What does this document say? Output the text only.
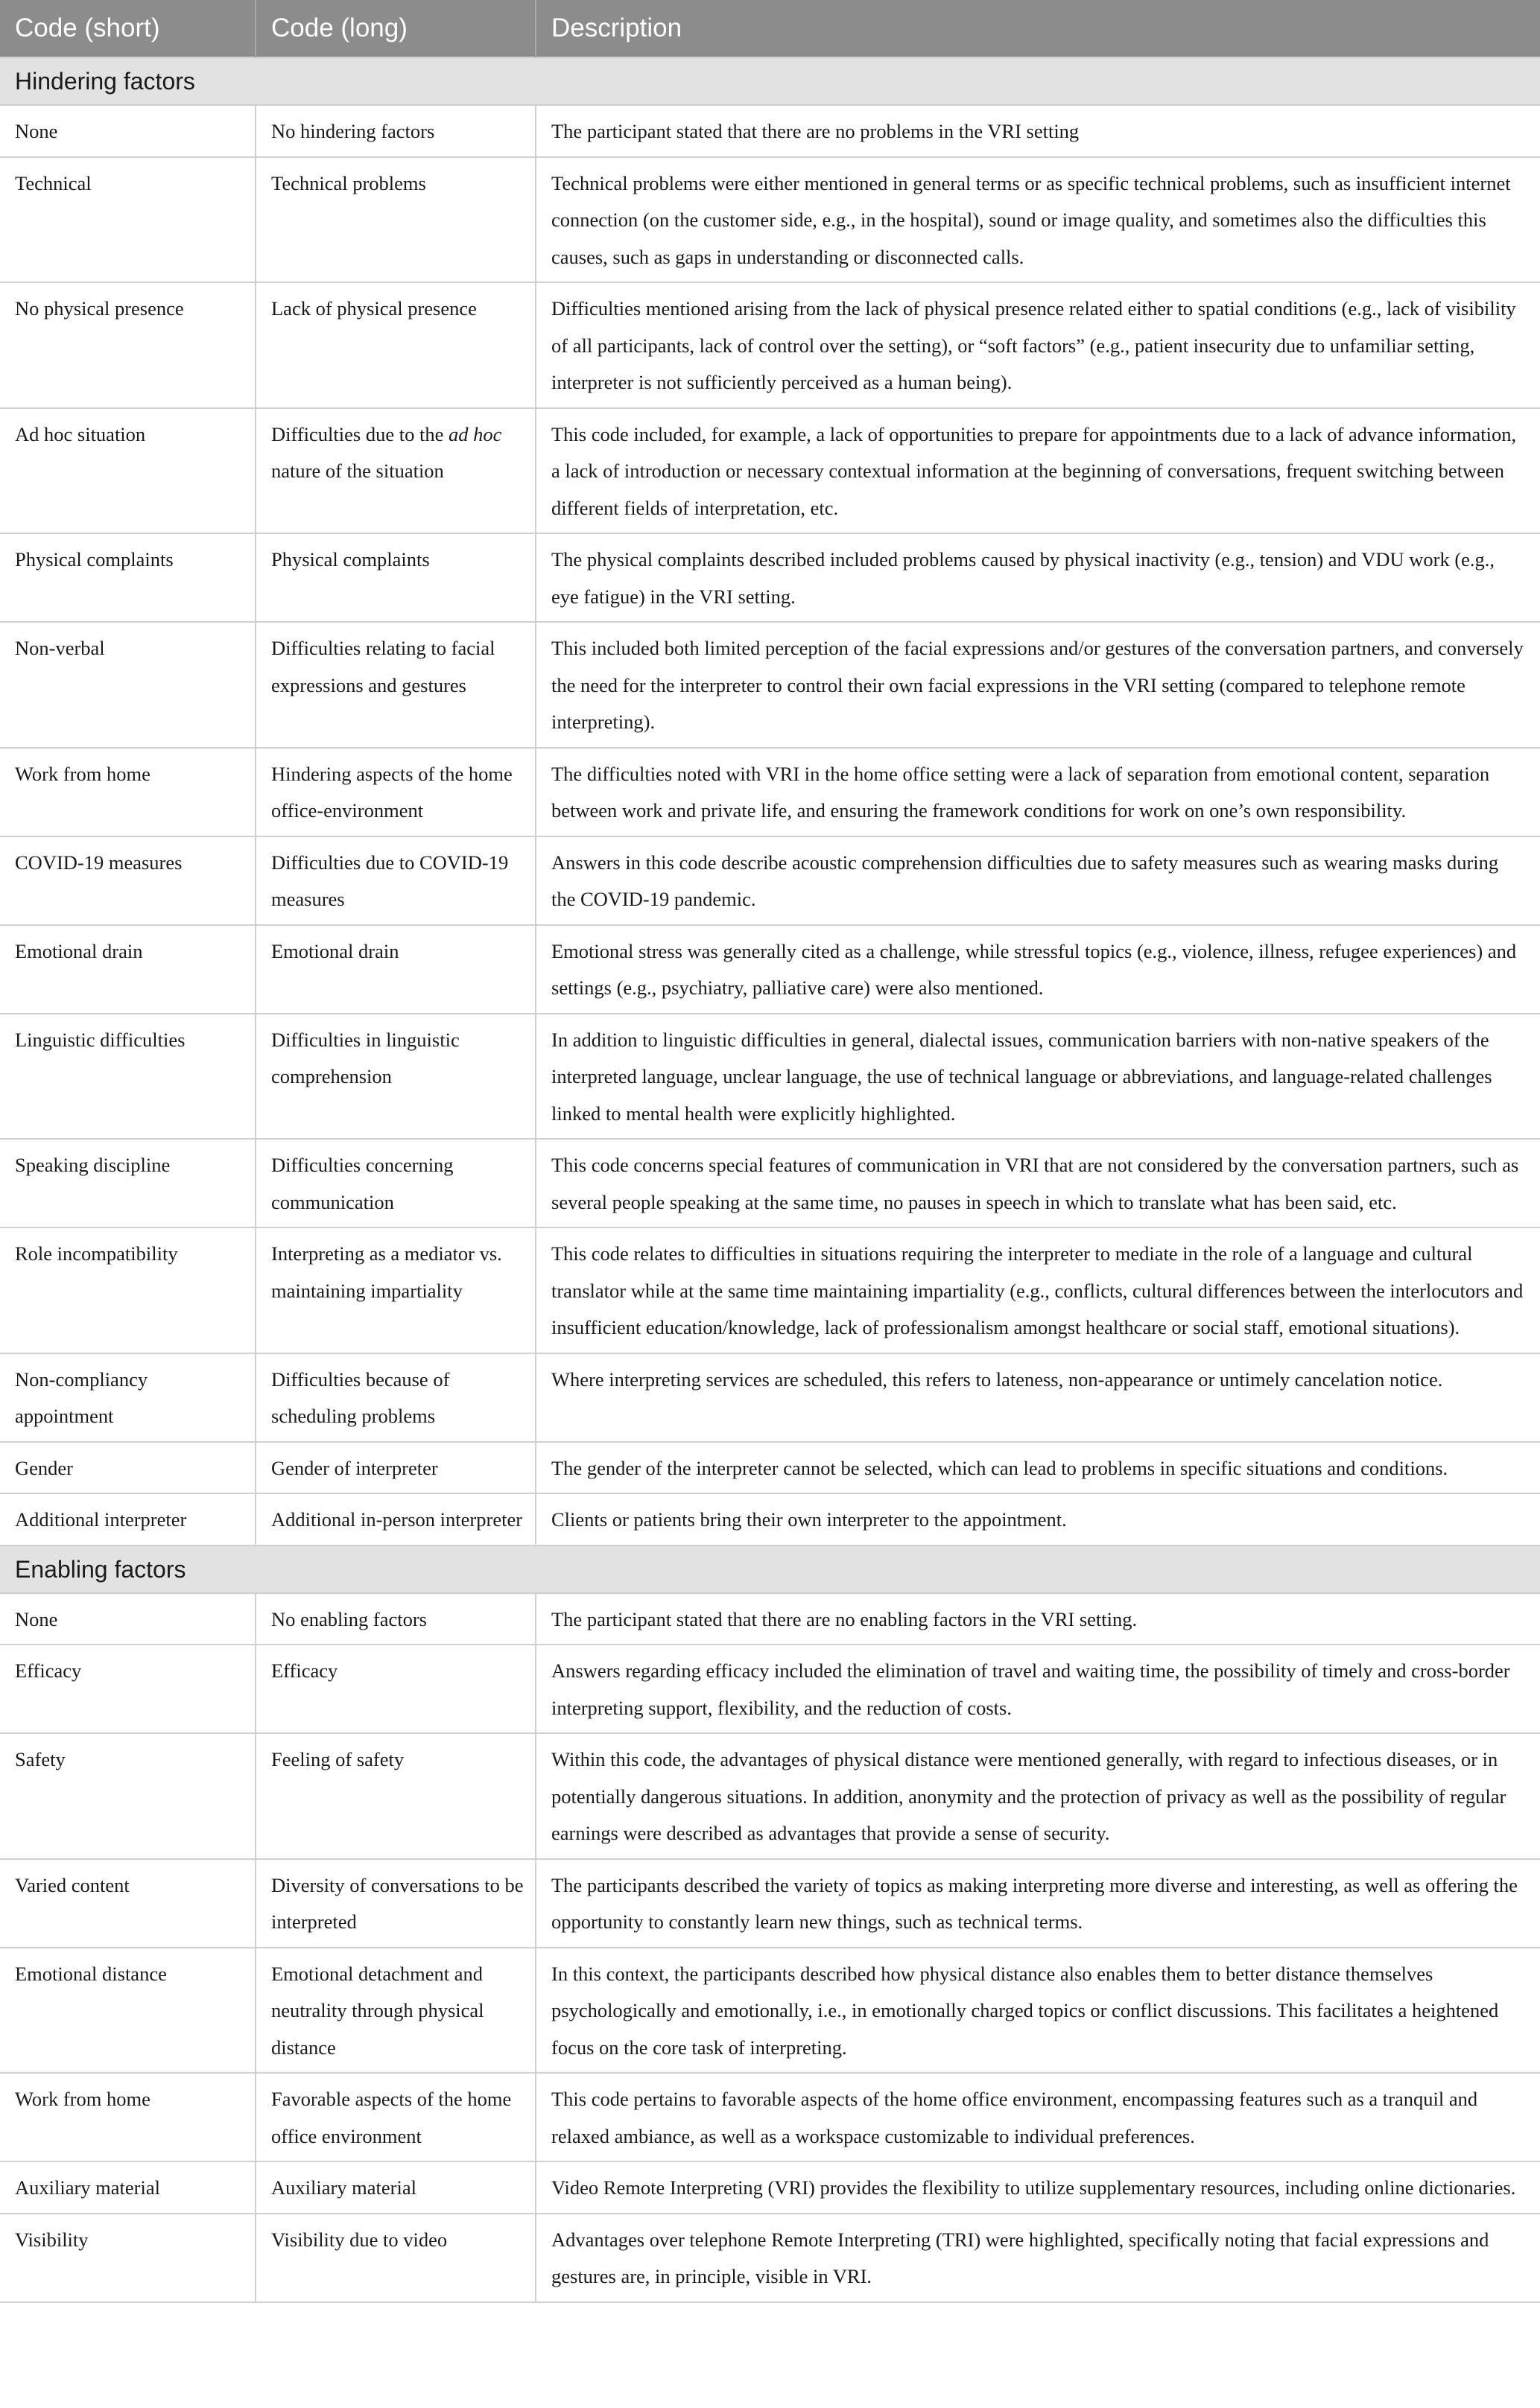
Code (short)	Code (long)	Description
Hindering factors		
None	No hindering factors	The participant stated that there are no problems in the VRI setting
Technical	Technical problems	Technical problems were either mentioned in general terms or as specific technical problems, such as insufficient internet connection (on the customer side, e.g., in the hospital), sound or image quality, and sometimes also the difficulties this causes, such as gaps in understanding or disconnected calls.
No physical presence	Lack of physical presence	Difficulties mentioned arising from the lack of physical presence related either to spatial conditions (e.g., lack of visibility of all participants, lack of control over the setting), or “soft factors” (e.g., patient insecurity due to unfamiliar setting, interpreter is not sufficiently perceived as a human being).
Ad hoc situation	Difficulties due to the ad hoc nature of the situation	This code included, for example, a lack of opportunities to prepare for appointments due to a lack of advance information, a lack of introduction or necessary contextual information at the beginning of conversations, frequent switching between different fields of interpretation, etc.
Physical complaints	Physical complaints	The physical complaints described included problems caused by physical inactivity (e.g., tension) and VDU work (e.g., eye fatigue) in the VRI setting.
Non-verbal	Difficulties relating to facial expressions and gestures	This included both limited perception of the facial expressions and/or gestures of the conversation partners, and conversely the need for the interpreter to control their own facial expressions in the VRI setting (compared to telephone remote interpreting).
Work from home	Hindering aspects of the home office-environment	The difficulties noted with VRI in the home office setting were a lack of separation from emotional content, separation between work and private life, and ensuring the framework conditions for work on one’s own responsibility.
COVID-19 measures	Difficulties due to COVID-19 measures	Answers in this code describe acoustic comprehension difficulties due to safety measures such as wearing masks during the COVID-19 pandemic.
Emotional drain	Emotional drain	Emotional stress was generally cited as a challenge, while stressful topics (e.g., violence, illness, refugee experiences) and settings (e.g., psychiatry, palliative care) were also mentioned.
Linguistic difficulties	Difficulties in linguistic comprehension	In addition to linguistic difficulties in general, dialectal issues, communication barriers with non-native speakers of the interpreted language, unclear language, the use of technical language or abbreviations, and language-related challenges linked to mental health were explicitly highlighted.
Speaking discipline	Difficulties concerning communication	This code concerns special features of communication in VRI that are not considered by the conversation partners, such as several people speaking at the same time, no pauses in speech in which to translate what has been said, etc.
Role incompatibility	Interpreting as a mediator vs. maintaining impartiality	This code relates to difficulties in situations requiring the interpreter to mediate in the role of a language and cultural translator while at the same time maintaining impartiality (e.g., conflicts, cultural differences between the interlocutors and insufficient education/knowledge, lack of professionalism amongst healthcare or social staff, emotional situations).
Non-compliancy appointment	Difficulties because of scheduling problems	Where interpreting services are scheduled, this refers to lateness, non-appearance or untimely cancelation notice.
Gender	Gender of interpreter	The gender of the interpreter cannot be selected, which can lead to problems in specific situations and conditions.
Additional interpreter	Additional in-person interpreter	Clients or patients bring their own interpreter to the appointment.
Enabling factors		
None	No enabling factors	The participant stated that there are no enabling factors in the VRI setting.
Efficacy	Efficacy	Answers regarding efficacy included the elimination of travel and waiting time, the possibility of timely and cross-border interpreting support, flexibility, and the reduction of costs.
Safety	Feeling of safety	Within this code, the advantages of physical distance were mentioned generally, with regard to infectious diseases, or in potentially dangerous situations. In addition, anonymity and the protection of privacy as well as the possibility of regular earnings were described as advantages that provide a sense of security.
Varied content	Diversity of conversations to be interpreted	The participants described the variety of topics as making interpreting more diverse and interesting, as well as offering the opportunity to constantly learn new things, such as technical terms.
Emotional distance	Emotional detachment and neutrality through physical distance	In this context, the participants described how physical distance also enables them to better distance themselves psychologically and emotionally, i.e., in emotionally charged topics or conflict discussions. This facilitates a heightened focus on the core task of interpreting.
Work from home	Favorable aspects of the home office environment	This code pertains to favorable aspects of the home office environment, encompassing features such as a tranquil and relaxed ambiance, as well as a workspace customizable to individual preferences.
Auxiliary material	Auxiliary material	Video Remote Interpreting (VRI) provides the flexibility to utilize supplementary resources, including online dictionaries.
Visibility	Visibility due to video	Advantages over telephone Remote Interpreting (TRI) were highlighted, specifically noting that facial expressions and gestures are, in principle, visible in VRI.
